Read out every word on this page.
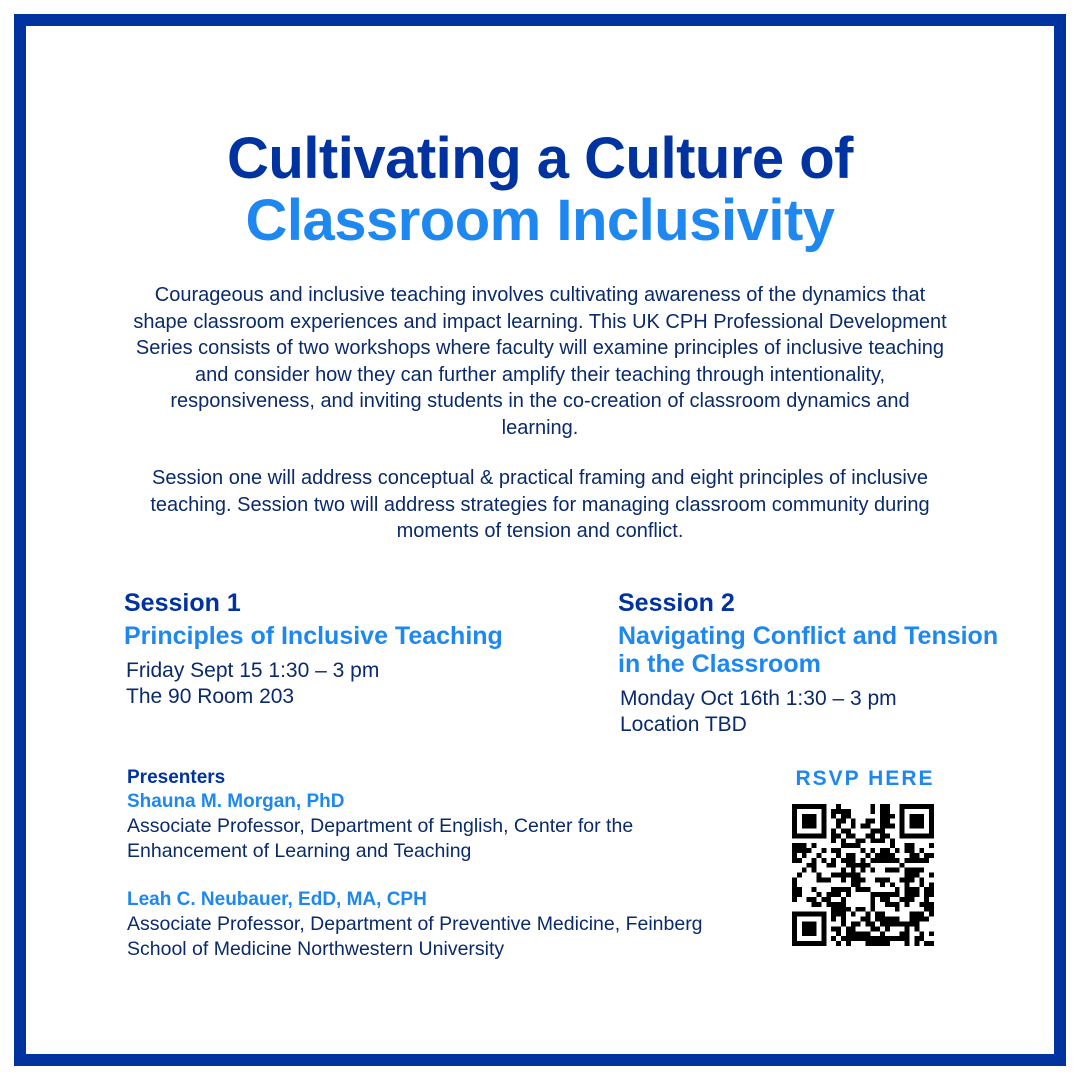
Cultivating a Culture of
Classroom Inclusivity

Courageous and inclusive teaching involves cultivating awareness of the dynamics that shape classroom experiences and impact learning. This UK CPH Professional Development Series consists of two workshops where faculty will examine principles of inclusive teaching and consider how they can further amplify their teaching through intentionality, responsiveness, and inviting students in the co-creation of classroom dynamics and learning.

Session one will address conceptual & practical framing and eight principles of inclusive teaching. Session two will address strategies for managing classroom community during moments of tension and conflict.

Session 1

Principles of Inclusive Teaching

Friday Sept 15 1:30 – 3 pm

The 90 Room 203

Session 2

Navigating Conflict and Tension in the Classroom

Monday Oct 16th 1:30 – 3 pm

Location TBD

Presenters

Shauna M. Morgan, PhD

Associate Professor, Department of English, Center for the Enhancement of Learning and Teaching

Leah C. Neubauer, EdD, MA, CPH

Associate Professor, Department of Preventive Medicine, Feinberg School of Medicine Northwestern University

RSVP HERE
